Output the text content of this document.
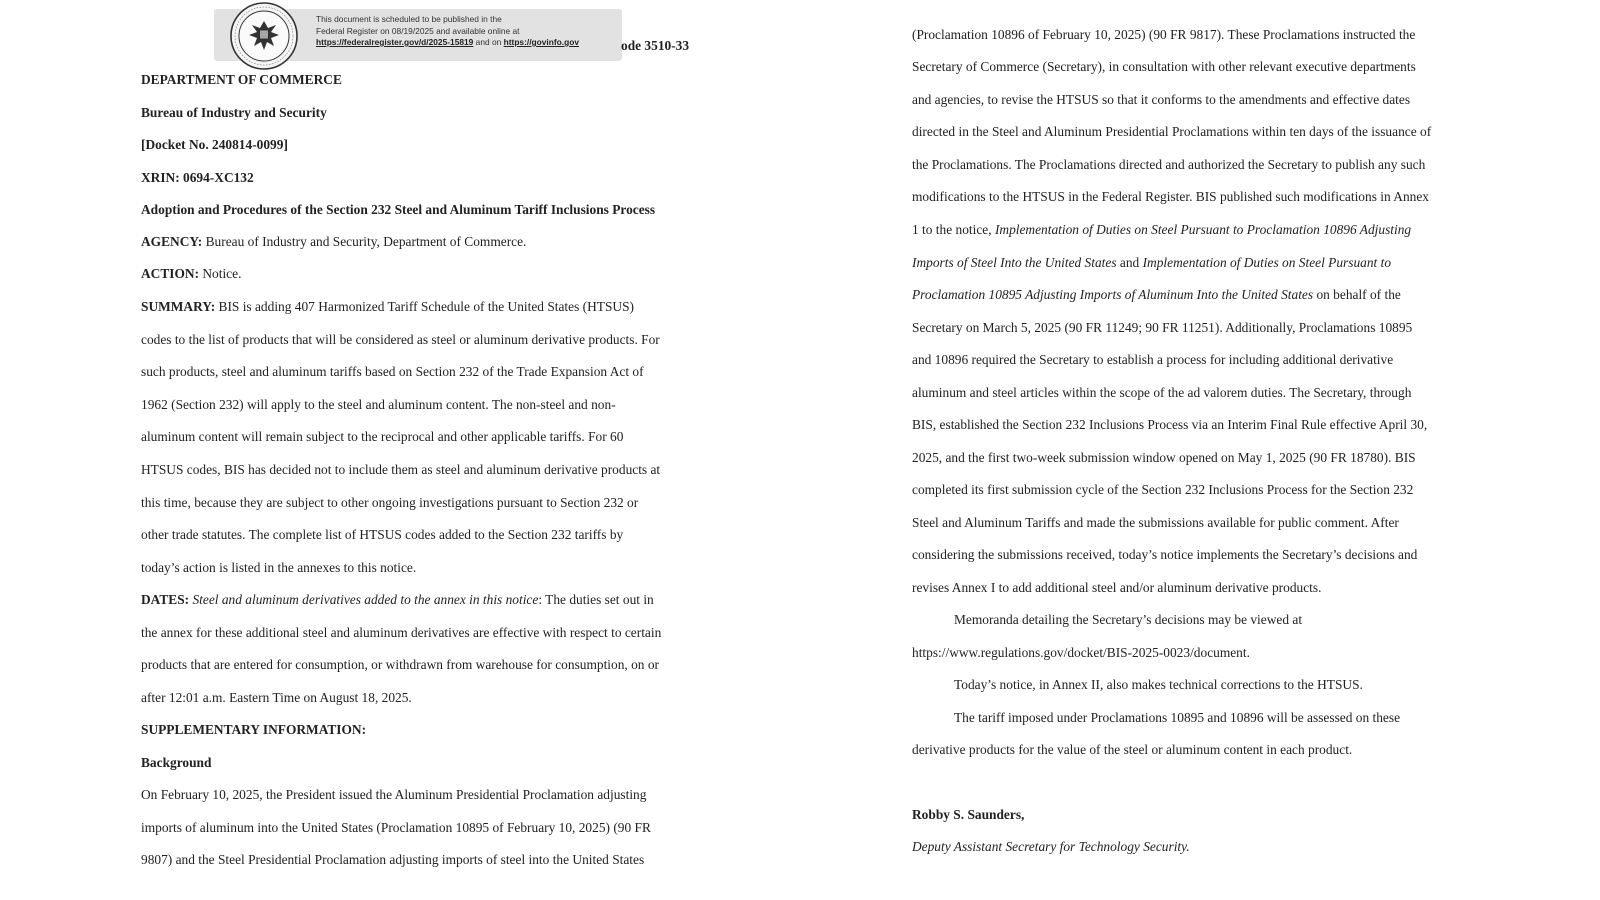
This document is scheduled to be published in the
Federal Register on 08/19/2025 and available online at
https://federalregister.gov/d/2025-15819 and on https://govinfo.gov	ode 3510-33
DEPARTMENT OF COMMERCE
Bureau of Industry and Security
[Docket No. 240814-0099]
XRIN: 0694-XC132
Adoption and Procedures of the Section 232 Steel and Aluminum Tariff Inclusions Process
AGENCY: Bureau of Industry and Security, Department of Commerce.
ACTION: Notice.
SUMMARY: BIS is adding 407 Harmonized Tariff Schedule of the United States (HTSUS)
codes to the list of products that will be considered as steel or aluminum derivative products. For
such products, steel and aluminum tariffs based on Section 232 of the Trade Expansion Act of
1962 (Section 232) will apply to the steel and aluminum content. The non-steel and non-
aluminum content will remain subject to the reciprocal and other applicable tariffs. For 60
HTSUS codes, BIS has decided not to include them as steel and aluminum derivative products at
this time, because they are subject to other ongoing investigations pursuant to Section 232 or
other trade statutes. The complete list of HTSUS codes added to the Section 232 tariffs by
today’s action is listed in the annexes to this notice.
DATES: Steel and aluminum derivatives added to the annex in this notice: The duties set out in
the annex for these additional steel and aluminum derivatives are effective with respect to certain
products that are entered for consumption, or withdrawn from warehouse for consumption, on or
after 12:01 a.m. Eastern Time on August 18, 2025.
SUPPLEMENTARY INFORMATION:
Background
On February 10, 2025, the President issued the Aluminum Presidential Proclamation adjusting
imports of aluminum into the United States (Proclamation 10895 of February 10, 2025) (90 FR
9807) and the Steel Presidential Proclamation adjusting imports of steel into the United States
(Proclamation 10896 of February 10, 2025) (90 FR 9817). These Proclamations instructed the
Secretary of Commerce (Secretary), in consultation with other relevant executive departments
and agencies, to revise the HTSUS so that it conforms to the amendments and effective dates
directed in the Steel and Aluminum Presidential Proclamations within ten days of the issuance of
the Proclamations. The Proclamations directed and authorized the Secretary to publish any such
modifications to the HTSUS in the Federal Register. BIS published such modifications in Annex
1 to the notice, Implementation of Duties on Steel Pursuant to Proclamation 10896 Adjusting
Imports of Steel Into the United States and Implementation of Duties on Steel Pursuant to
Proclamation 10895 Adjusting Imports of Aluminum Into the United States on behalf of the
Secretary on March 5, 2025 (90 FR 11249; 90 FR 11251). Additionally, Proclamations 10895
and 10896 required the Secretary to establish a process for including additional derivative
aluminum and steel articles within the scope of the ad valorem duties. The Secretary, through
BIS, established the Section 232 Inclusions Process via an Interim Final Rule effective April 30,
2025, and the first two-week submission window opened on May 1, 2025 (90 FR 18780). BIS
completed its first submission cycle of the Section 232 Inclusions Process for the Section 232
Steel and Aluminum Tariffs and made the submissions available for public comment. After
considering the submissions received, today’s notice implements the Secretary’s decisions and
revises Annex I to add additional steel and/or aluminum derivative products.
Memoranda detailing the Secretary’s decisions may be viewed at
https://www.regulations.gov/docket/BIS-2025-0023/document.
Today’s notice, in Annex II, also makes technical corrections to the HTSUS.
The tariff imposed under Proclamations 10895 and 10896 will be assessed on these
derivative products for the value of the steel or aluminum content in each product.
Robby S. Saunders,
Deputy Assistant Secretary for Technology Security.
